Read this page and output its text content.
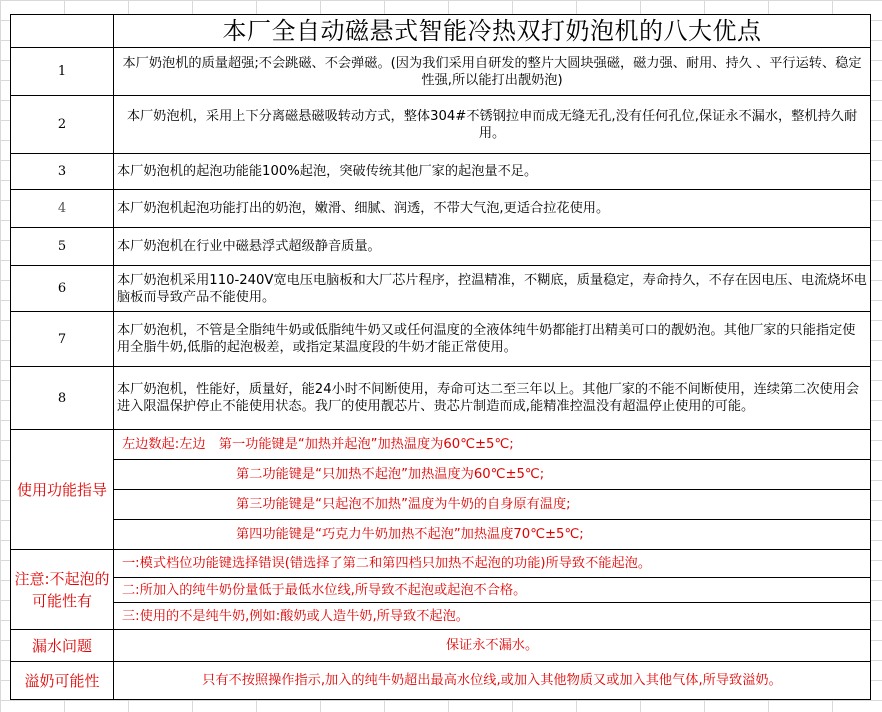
	本厂全自动磁悬式智能冷热双打奶泡机的八大优点
1	本厂奶泡机的质量超强;不会跳磁、不会弹磁。(因为我们采用自研发的整片大圆块强磁，磁力强、耐用、持久 、平行运转、稳定性强,所以能打出靓奶泡)
2	本厂奶泡机，采用上下分离磁悬磁吸转动方式，整体304#不锈钢拉申而成无缝无孔,没有任何孔位,保证永不漏水，整机持久耐用。
3	本厂奶泡机的起泡功能能100%起泡，突破传统其他厂家的起泡量不足。
4	本厂奶泡机起泡功能打出的奶泡，嫩滑、细腻、润透，不带大气泡,更适合拉花使用。
5	本厂奶泡机在行业中磁悬浮式超级静音质量。
6	本厂奶泡机采用110-240V宽电压电脑板和大厂芯片程序，控温精准，不糊底，质量稳定，寿命持久，不存在因电压、电流烧坏电脑板而导致产品不能使用。
7	本厂奶泡机，不管是全脂纯牛奶或低脂纯牛奶又或任何温度的全液体纯牛奶都能打出精美可口的靓奶泡。其他厂家的只能指定使用全脂牛奶,低脂的起泡极差，或指定某温度段的牛奶才能正常使用。
8	本厂奶泡机，性能好，质量好，能24小时不间断使用，寿命可达二至三年以上。其他厂家的不能不间断使用，连续第二次使用会进入限温保护停止不能使用状态。我厂的使用靓芯片、贵芯片制造而成,能精准控温没有超温停止使用的可能。
使用功能指导	左边数起:左边　第一功能键是“加热并起泡”加热温度为60℃±5℃;
	第二功能键是“只加热不起泡”加热温度为60℃±5℃;
	第三功能键是“只起泡不加热”温度为牛奶的自身原有温度;
	第四功能键是“巧克力牛奶加热不起泡”加热温度70℃±5℃;
注意:不起泡的可能性有	一:模式档位功能键选择错误(错选择了第二和第四档只加热不起泡的功能)所导致不能起泡。
	二:所加入的纯牛奶份量低于最低水位线,所导致不起泡或起泡不合格。
	三:使用的不是纯牛奶,例如:酸奶或人造牛奶,所导致不起泡。
漏水问题	保证永不漏水。
溢奶可能性	只有不按照操作指示,加入的纯牛奶超出最高水位线,或加入其他物质又或加入其他气体,所导致溢奶。
